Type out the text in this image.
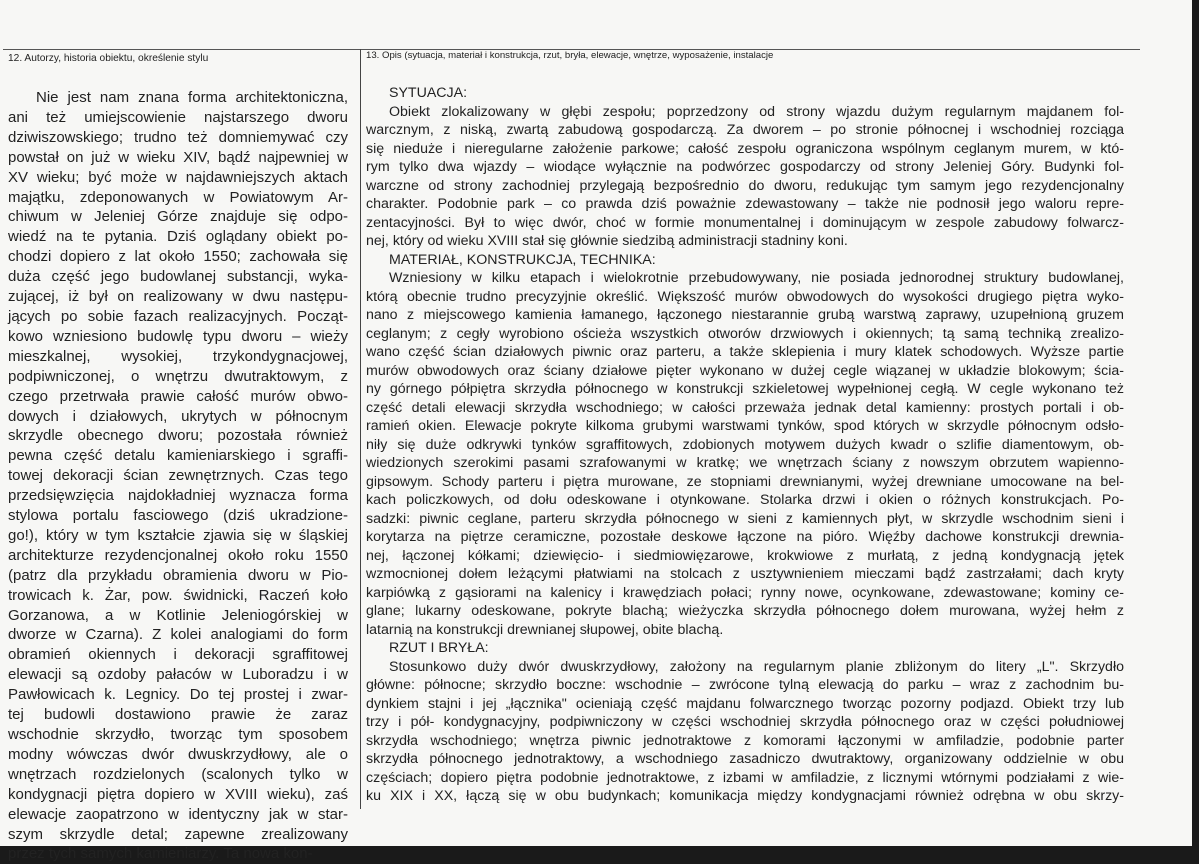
12. Autorzy, historia obiektu, określenie stylu	13. Opis (sytuacja, materiał i konstrukcja, rzut, bryła, elewacje, wnętrze, wyposażenie, instalacje
Nie jest nam znana forma architektoniczna,
ani też umiejscowienie najstarszego dworu
dziwiszowskiego; trudno też domniemywać czy
powstał on już w wieku XIV, bądź najpewniej w
XV wieku; być może w najdawniejszych aktach
majątku, zdeponowanych w Powiatowym Ar-
chiwum w Jeleniej Górze znajduje się odpo-
wiedź na te pytania. Dziś oglądany obiekt po-
chodzi dopiero z lat około 1550; zachowała się
duża część jego budowlanej substancji, wyka-
zującej, iż był on realizowany w dwu następu-
jących po sobie fazach realizacyjnych. Począt-
kowo wzniesiono budowlę typu dworu – wieży
mieszkalnej, wysokiej, trzykondygnacjowej,
podpiwniczonej, o wnętrzu dwutraktowym, z
czego przetrwała prawie całość murów obwo-
dowych i działowych, ukrytych w północnym
skrzydle obecnego dworu; pozostała również
pewna część detalu kamieniarskiego i sgraffi-
towej dekoracji ścian zewnętrznych. Czas tego
przedsięwzięcia najdokładniej wyznacza forma
stylowa portalu fasciowego (dziś ukradzione-
go!), który w tym kształcie zjawia się w śląskiej
architekturze rezydencjonalnej około roku 1550
(patrz dla przykładu obramienia dworu w Pio-
trowicach k. Żar, pow. świdnicki, Raczeń koło
Gorzanowa, a w Kotlinie Jeleniogórskiej w
dworze w Czarna). Z kolei analogiami do form
obramień okiennych i dekoracji sgraffitowej
elewacji są ozdoby pałaców w Luboradzu i w
Pawłowicach k. Legnicy. Do tej prostej i zwar-
tej budowli dostawiono prawie że zaraz
wschodnie skrzydło, tworząc tym sposobem
modny wówczas dwór dwuskrzydłowy, ale o
wnętrzach rozdzielonych (scalonych tylko w
kondygnacji piętra dopiero w XVIII wieku), zaś
elewacje zaopatrzono w identyczny jak w star-
szym skrzydle detal; zapewne zrealizowany
przez tych samych kamieniarzy. Ta nowa kon-
SYTUACJA:
Obiekt zlokalizowany w głębi zespołu; poprzedzony od strony wjazdu dużym regularnym majdanem fol-
warcznym, z niską, zwartą zabudową gospodarczą. Za dworem – po stronie północnej i wschodniej rozciąga
się nieduże i nieregularne założenie parkowe; całość zespołu ograniczona wspólnym ceglanym murem, w któ-
rym tylko dwa wjazdy – wiodące wyłącznie na podwórzec gospodarczy od strony Jeleniej Góry. Budynki fol-
warczne od strony zachodniej przylegają bezpośrednio do dworu, redukując tym samym jego rezydencjonalny
charakter. Podobnie park – co prawda dziś poważnie zdewastowany – także nie podnosił jego waloru repre-
zentacyjności. Był to więc dwór, choć w formie monumentalnej i dominującym w zespole zabudowy folwarcz-
nej, który od wieku XVIII stał się głównie siedzibą administracji stadniny koni.
MATERIAŁ, KONSTRUKCJA, TECHNIKA:
Wzniesiony w kilku etapach i wielokrotnie przebudowywany, nie posiada jednorodnej struktury budowlanej,
którą obecnie trudno precyzyjnie określić. Większość murów obwodowych do wysokości drugiego piętra wyko-
nano z miejscowego kamienia łamanego, łączonego niestarannie grubą warstwą zaprawy, uzupełnioną gruzem
ceglanym; z cegły wyrobiono ościeża wszystkich otworów drzwiowych i okiennych; tą samą techniką zrealizo-
wano część ścian działowych piwnic oraz parteru, a także sklepienia i mury klatek schodowych. Wyższe partie
murów obwodowych oraz ściany działowe pięter wykonano w dużej cegle wiązanej w układzie blokowym; ścia-
ny górnego półpiętra skrzydła północnego w konstrukcji szkieletowej wypełnionej cegłą. W cegle wykonano też
część detali elewacji skrzydła wschodniego; w całości przeważa jednak detal kamienny: prostych portali i ob-
ramień okien. Elewacje pokryte kilkoma grubymi warstwami tynków, spod których w skrzydle północnym odsło-
niły się duże odkrywki tynków sgraffitowych, zdobionych motywem dużych kwadr o szlifie diamentowym, ob-
wiedzionych szerokimi pasami szrafowanymi w kratkę; we wnętrzach ściany z nowszym obrzutem wapienno-
gipsowym. Schody parteru i piętra murowane, ze stopniami drewnianymi, wyżej drewniane umocowane na bel-
kach policzkowych, od dołu odeskowane i otynkowane. Stolarka drzwi i okien o różnych konstrukcjach. Po-
sadzki: piwnic ceglane, parteru skrzydła północnego w sieni z kamiennych płyt, w skrzydle wschodnim sieni i
korytarza na piętrze ceramiczne, pozostałe deskowe łączone na pióro. Więźby dachowe konstrukcji drewnia-
nej, łączonej kółkami; dziewięcio- i siedmiowięzarowe, krokwiowe z murłatą, z jedną kondygnacją jętek
wzmocnionej dołem leżącymi płatwiami na stolcach z usztywnieniem mieczami bądź zastrzałami; dach kryty
karpiówką z gąsiorami na kalenicy i krawędziach połaci; rynny nowe, ocynkowane, zdewastowane; kominy ce-
glane; lukarny odeskowane, pokryte blachą; wieżyczka skrzydła północnego dołem murowana, wyżej hełm z
latarnią na konstrukcji drewnianej słupowej, obite blachą.
RZUT I BRYŁA:
Stosunkowo duży dwór dwuskrzydłowy, założony na regularnym planie zbliżonym do litery „L". Skrzydło
główne: północne; skrzydło boczne: wschodnie – zwrócone tylną elewacją do parku – wraz z zachodnim bu-
dynkiem stajni i jej „łącznika" ocieniają część majdanu folwarcznego tworząc pozorny podjazd. Obiekt trzy lub
trzy i pół- kondygnacyjny, podpiwniczony w części wschodniej skrzydła północnego oraz w części południowej
skrzydła wschodniego; wnętrza piwnic jednotraktowe z komorami łączonymi w amfiladzie, podobnie parter
skrzydła północnego jednotraktowy, a wschodniego zasadniczo dwutraktowy, organizowany oddzielnie w obu
częściach; dopiero piętra podobnie jednotraktowe, z izbami w amfiladzie, z licznymi wtórnymi podziałami z wie-
ku XIX i XX, łączą się w obu budynkach; komunikacja między kondygnacjami również odrębna w obu skrzy-
